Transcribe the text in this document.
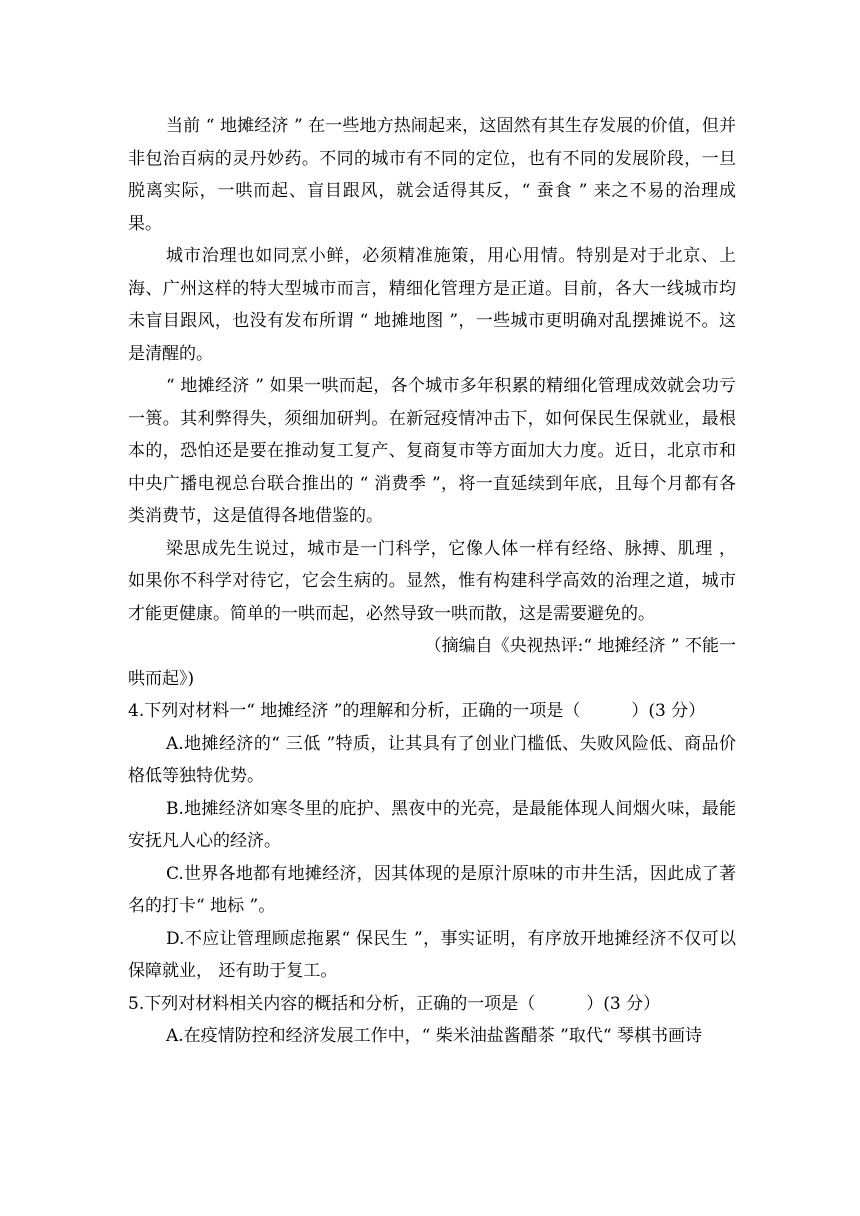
当前 “ 地摊经济 ” 在一些地方热闹起来，这固然有其生存发展的价值，但并非包治百病的灵丹妙药。不同的城市有不同的定位，也有不同的发展阶段，一旦脱离实际，一哄而起、盲目跟风，就会适得其反，“ 蚕食 ” 来之不易的治理成果。

城市治理也如同烹小鲜，必须精准施策，用心用情。特别是对于北京、上海、广州这样的特大型城市而言，精细化管理方是正道。目前，各大一线城市均未盲目跟风，也没有发布所谓 “ 地摊地图 ”，一些城市更明确对乱摆摊说不。这是清醒的。

“ 地摊经济 ” 如果一哄而起，各个城市多年积累的精细化管理成效就会功亏一篑。其利弊得失，须细加研判。在新冠疫情冲击下，如何保民生保就业，最根本的，恐怕还是要在推动复工复产、复商复市等方面加大力度。近日，北京市和中央广播电视总台联合推出的 “ 消费季 ”，将一直延续到年底，且每个月都有各类消费节，这是值得各地借鉴的。

梁思成先生说过，城市是一门科学，它像人体一样有经络、脉搏、肌理 ， 如果你不科学对待它，它会生病的。显然，惟有构建科学高效的治理之道，城市才能更健康。简单的一哄而起，必然导致一哄而散，这是需要避免的。

（摘编自《央视热评:“ 地摊经济 ” 不能一

哄而起》)

4.下列对材料一“ 地摊经济 ”的理解和分析，正确的一项是（　　　）(3 分）

A.地摊经济的“ 三低 ”特质，让其具有了创业门槛低、失败风险低、商品价格低等独特优势。

B.地摊经济如寒冬里的庇护、黑夜中的光亮，是最能体现人间烟火味，最能安抚凡人心的经济。

C.世界各地都有地摊经济，因其体现的是原汁原味的市井生活，因此成了著名的打卡“ 地标 ”。

D.不应让管理顾虑拖累“ 保民生 ”，事实证明，有序放开地摊经济不仅可以保障就业， 还有助于复工。

5.下列对材料相关内容的概括和分析，正确的一项是（　　　）(3 分）

A.在疫情防控和经济发展工作中，“ 柴米油盐酱醋茶 ”取代“ 琴棋书画诗
